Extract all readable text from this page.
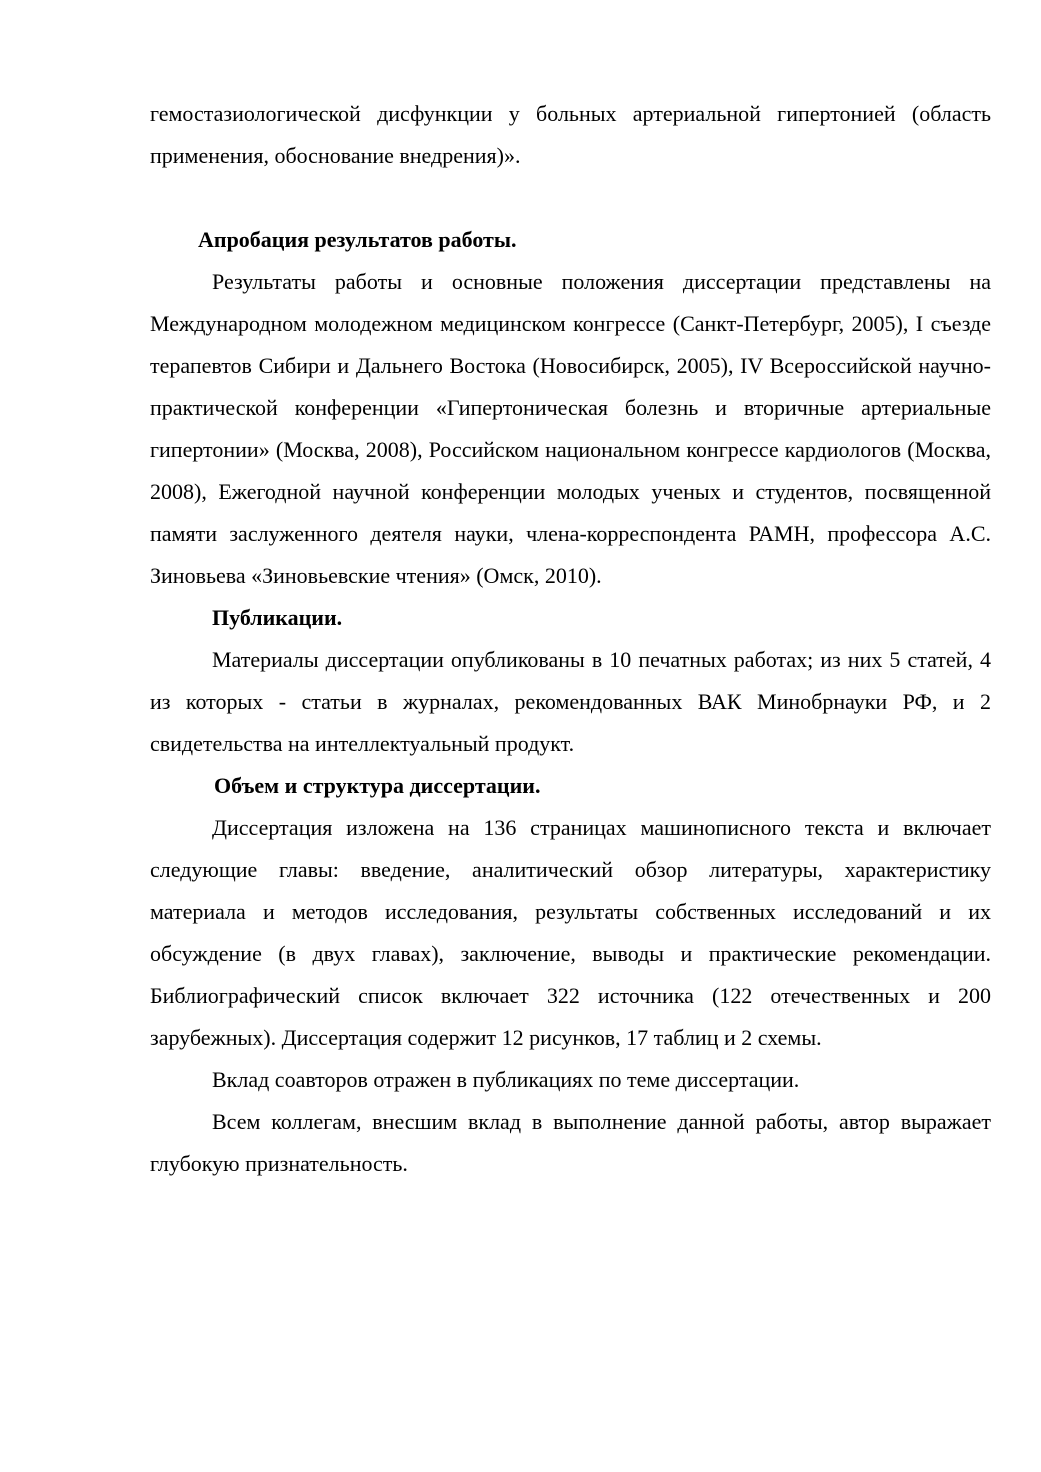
гемостазиологической дисфункции у больных артериальной гипертонией (область применения, обоснование внедрения)».

Апробация результатов работы.

Результаты работы и основные положения диссертации представлены на Международном молодежном медицинском конгрессе (Санкт-Петербург, 2005), I съезде терапевтов Сибири и Дальнего Востока (Новосибирск, 2005), IV Всероссийской научно-практической конференции «Гипертоническая болезнь и вторичные артериальные гипертонии» (Москва, 2008), Российском национальном конгрессе кардиологов (Москва, 2008), Ежегодной научной конференции молодых ученых и студентов, посвященной памяти заслуженного деятеля науки, члена-корреспондента РАМН, профессора А.С. Зиновьева «Зиновьевские чтения» (Омск, 2010).

Публикации.

Материалы диссертации опубликованы в 10 печатных работах; из них 5 статей, 4 из которых - статьи в журналах, рекомендованных ВАК Минобрнауки РФ, и 2 свидетельства на интеллектуальный продукт.

Объем и структура диссертации.

Диссертация изложена на 136 страницах машинописного текста и включает следующие главы: введение, аналитический обзор литературы, характеристику материала и методов исследования, результаты собственных исследований и их обсуждение (в двух главах), заключение, выводы и практические рекомендации. Библиографический список включает 322 источника (122 отечественных и 200 зарубежных). Диссертация содержит 12 рисунков, 17 таблиц и 2 схемы.

Вклад соавторов отражен в публикациях по теме диссертации.

Всем коллегам, внесшим вклад в выполнение данной работы, автор выражает глубокую признательность.
